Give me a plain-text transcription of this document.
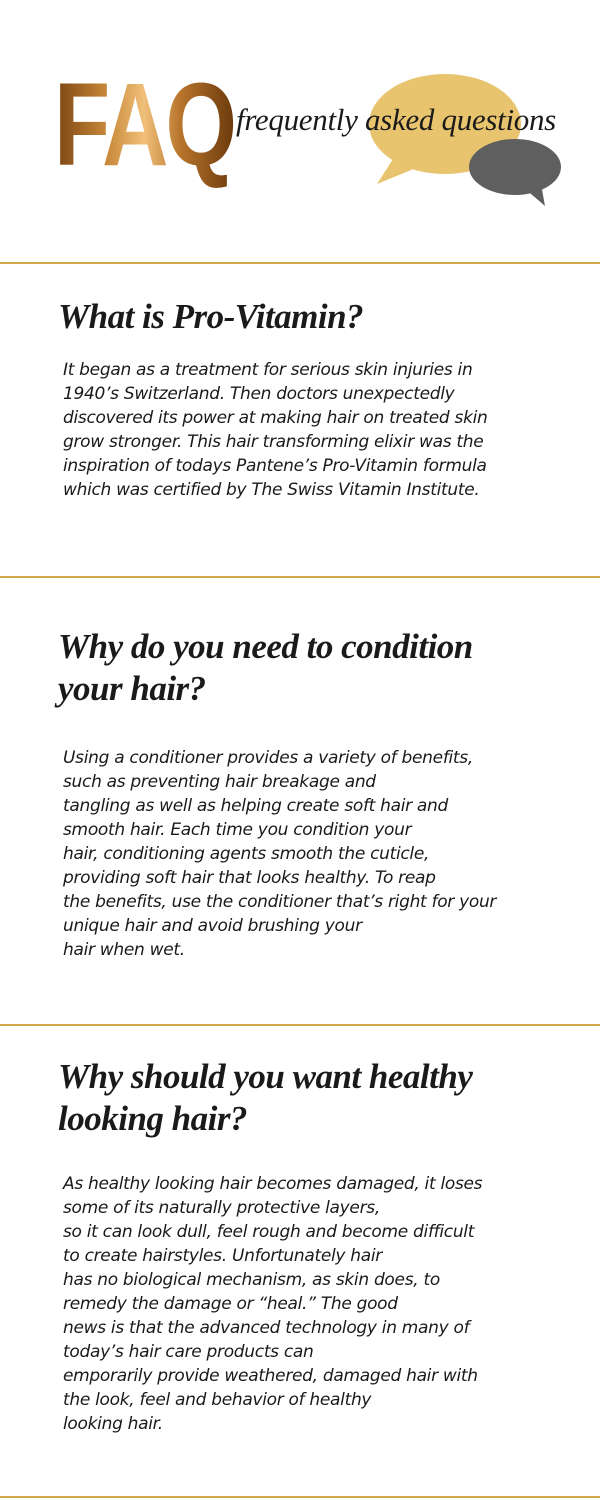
FAQ frequently asked questions
What is Pro-Vitamin?

It began as a treatment for serious skin injuries in
1940’s Switzerland. Then doctors unexpectedly
discovered its power at making hair on treated skin
grow stronger. This hair transforming elixir was the
inspiration of todays Pantene’s Pro-Vitamin formula
which was certified by The Swiss Vitamin Institute.

Why do you need to condition
your hair?

Using a conditioner provides a variety of benefits,
such as preventing hair breakage and
tangling as well as helping create soft hair and
smooth hair. Each time you condition your
hair, conditioning agents smooth the cuticle,
providing soft hair that looks healthy. To reap
the benefits, use the conditioner that’s right for your
unique hair and avoid brushing your
hair when wet.

Why should you want healthy
looking hair?

As healthy looking hair becomes damaged, it loses
some of its naturally protective layers,
so it can look dull, feel rough and become difficult
to create hairstyles. Unfortunately hair
has no biological mechanism, as skin does, to
remedy the damage or “heal.” The good
news is that the advanced technology in many of
today’s hair care products can
emporarily provide weathered, damaged hair with
the look, feel and behavior of healthy
looking hair.
